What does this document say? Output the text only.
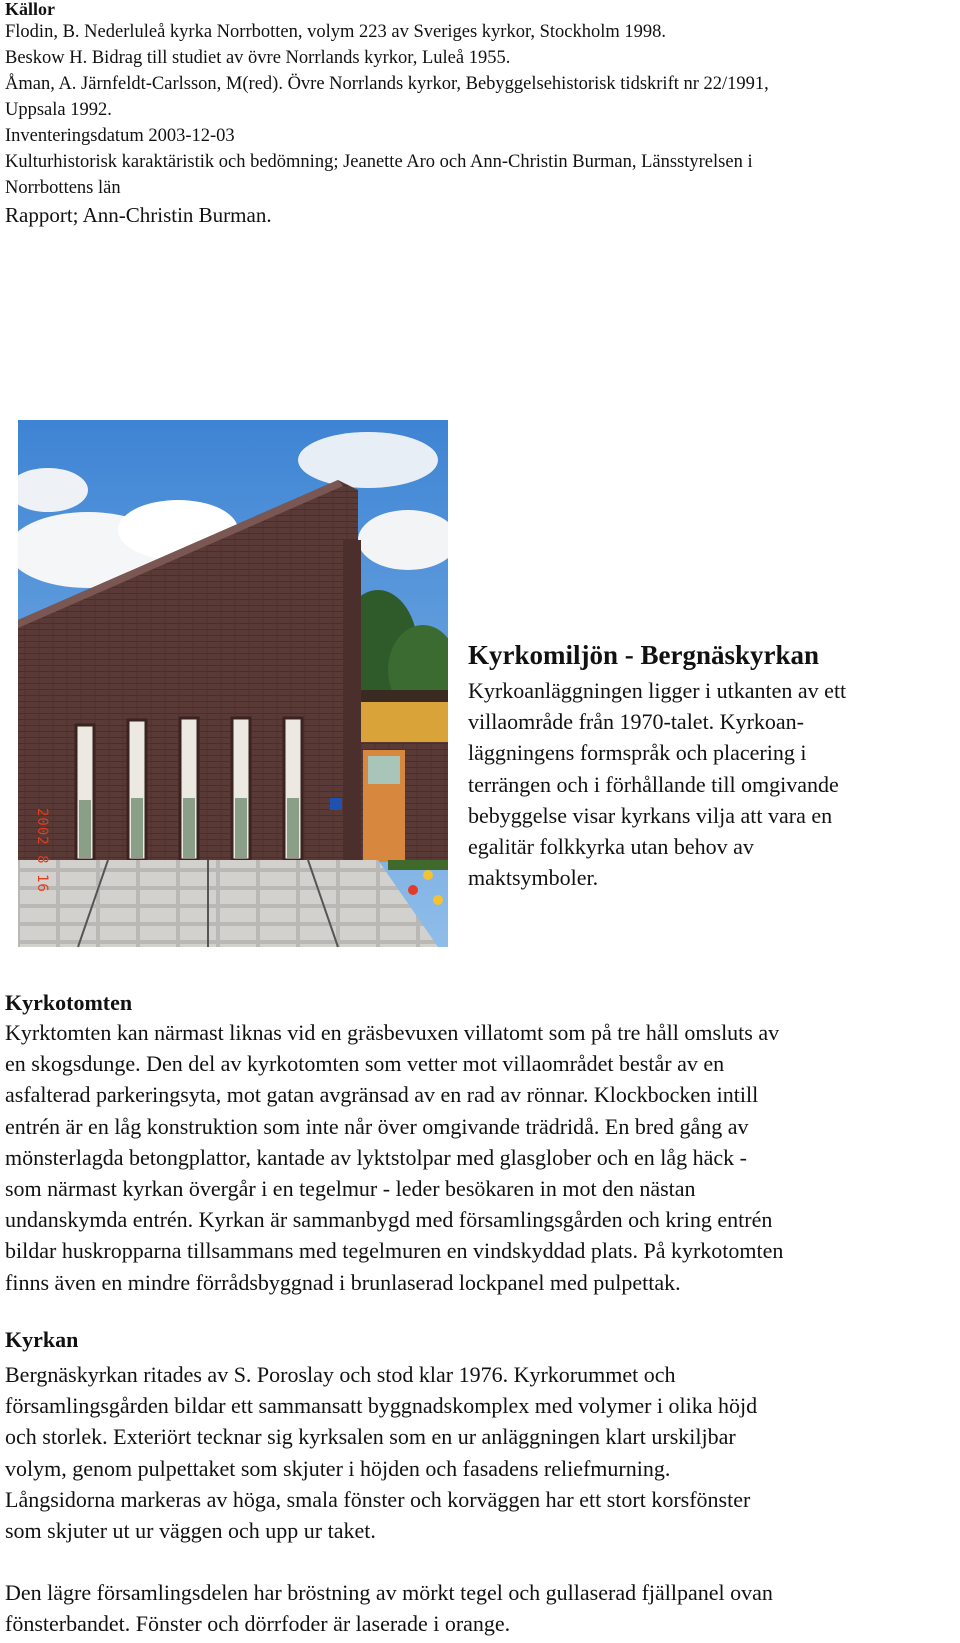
Källor
Flodin, B. Nederluleå kyrka Norrbotten, volym 223 av Sveriges kyrkor, Stockholm 1998.
Beskow H. Bidrag till studiet av övre Norrlands kyrkor, Luleå 1955.
Åman, A. Järnfeldt-Carlsson, M(red). Övre Norrlands kyrkor, Bebyggelsehistorisk tidskrift nr 22/1991,
Uppsala 1992.
Inventeringsdatum 2003-12-03
Kulturhistorisk karaktäristik och bedömning; Jeanette Aro och Ann-Christin Burman, Länsstyrelsen i
Norrbottens län
Rapport; Ann-Christin Burman.
2002 8 16
Kyrkomiljön - Bergnäskyrkan
Kyrkoanläggningen ligger i utkanten av ett
villaområde från 1970-talet. Kyrkoan-
läggningens formspråk och placering i
terrängen och i förhållande till omgivande
bebyggelse visar kyrkans vilja att vara en
egalitär folkkyrka utan behov av
maktsymboler.
Kyrkotomten
Kyrktomten kan närmast liknas vid en gräsbevuxen villatomt som på tre håll omsluts av
en skogsdunge. Den del av kyrkotomten som vetter mot villaområdet består av en
asfalterad parkeringsyta, mot gatan avgränsad av en rad av rönnar. Klockbocken intill
entrén är en låg konstruktion som inte når över omgivande trädridå. En bred gång av
mönsterlagda betongplattor, kantade av lyktstolpar med glasglober och en låg häck -
som närmast kyrkan övergår i en tegelmur - leder besökaren in mot den nästan
undanskymda entrén. Kyrkan är sammanbygd med församlingsgården och kring entrén
bildar huskropparna tillsammans med tegelmuren en vindskyddad plats. På kyrkotomten
finns även en mindre förrådsbyggnad i brunlaserad lockpanel med pulpettak.
Kyrkan
Bergnäskyrkan ritades av S. Poroslay och stod klar 1976. Kyrkorummet och
församlingsgården bildar ett sammansatt byggnadskomplex med volymer i olika höjd
och storlek. Exteriört tecknar sig kyrksalen som en ur anläggningen klart urskiljbar
volym, genom pulpettaket som skjuter i höjden och fasadens reliefmurning.
Långsidorna markeras av höga, smala fönster och korväggen har ett stort korsfönster
som skjuter ut ur väggen och upp ur taket.
Den lägre församlingsdelen har bröstning av mörkt tegel och gullaserad fjällpanel ovan
fönsterbandet. Fönster och dörrfoder är laserade i orange.
